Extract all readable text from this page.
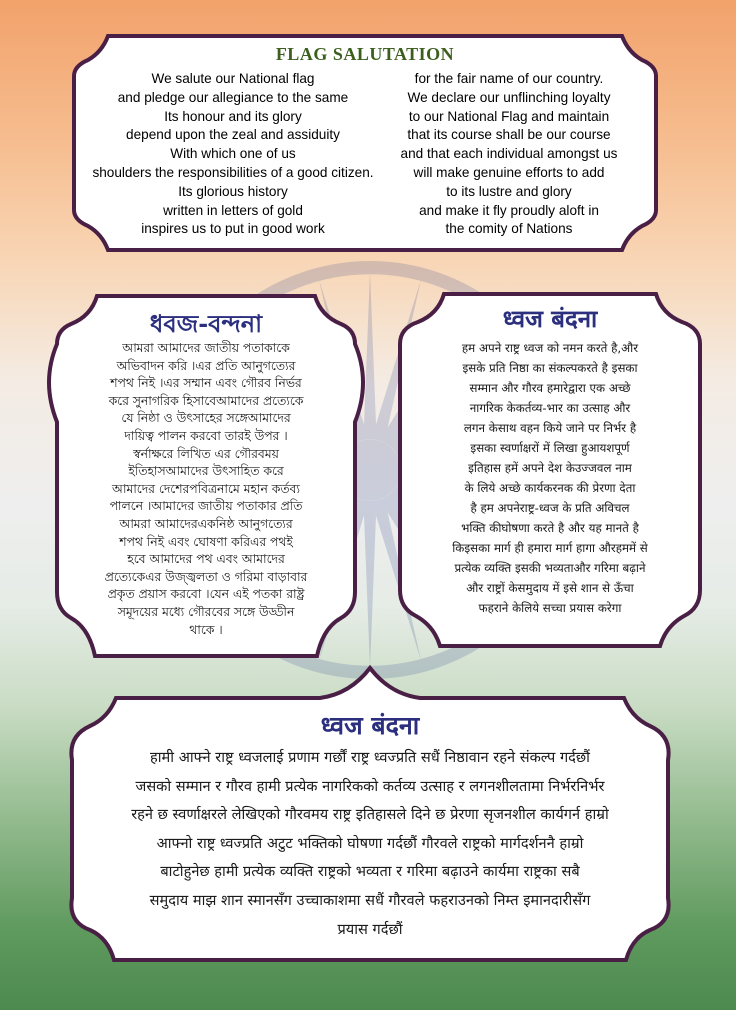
FLAG SALUTATION
We salute our National flag
and pledge our allegiance to the same
Its honour and its glory
depend upon the zeal and assiduity
With which one of us
shoulders the responsibilities of a good citizen.
Its glorious history
written in letters of gold
inspires us to put in good work
for the fair name of our country.
We declare our unflinching loyalty
to our National Flag and maintain
that its course shall be our course
and that each individual amongst us
will make genuine efforts to add
to its lustre and glory
and make it fly proudly aloft in
the comity of Nations
ধবজ-বন্দনা
আমরা আমাদের জাতীয় পতাকাকে
অভিবাদন করি ।এর প্রতি আনুগত্যের
শপথ নিই ।এর সম্মান এবং গৌরব নির্ভর
করে সুনাগরিক হিসাবেআমাদের প্রত্যেকে
যে নিষ্ঠা ও উৎসাহের সঙ্গেআমাদের
দায়িত্ব পালন করবো তারই উপর ।
স্বর্নাক্ষরে লিখিত এর গৌরবময়
ইতিহাসআমাদের উৎসাহিত করে
আমাদের দেশেরপবিত্রনামে মহান কর্তব্য
পালনে ।আমাদের জাতীয় পতাকার প্রতি
আমরা আমাদেরএকনিষ্ঠ আনুগত্যের
শপথ নিই এবং ঘোষণা করিএর পথই
হবে আমাদের পথ এবং আমাদের
প্রত্যেকেএর উজ্জ্বলতা ও গরিমা বাড়াবার
প্রকৃত প্রয়াস করবো ।যেন এই পতকা রাষ্ট্র
সমূদয়ের মধ্যে গৌরবের সঙ্গে উড্ডীন
থাকে ।
ध्वज बंदना
हम अपने राष्ट्र ध्वज को नमन करते है,और
इसके प्रति निष्ठा का संकल्पकरते है इसका
सम्मान और गौरव हमारेद्वारा एक अच्छे
नागरिक केकर्तव्य-भार का उत्साह और
लगन केसाथ वहन किये जाने पर निर्भर है
इसका स्वर्णाक्षरों में लिखा हुआयशपूर्ण
इतिहास हमें अपने देश केउज्जवल नाम
के लिये अच्छे कार्यकरनक की प्रेरणा देता
है हम अपनेराष्ट्र-ध्वज के प्रति अविचल
भक्ति कीघोषणा करते है और यह मानते है
किइसका मार्ग ही हमारा मार्ग हागा औरहममें से
प्रत्येक व्यक्ति इसकी भव्यताऔर गरिमा बढ़ाने
और राष्ट्रों केसमुदाय में इसे शान से ऊँचा
फहराने केलिये सच्चा प्रयास करेगा
ध्वज बंदना
हामी आफ्ने राष्ट्र ध्वजलाई प्रणाम गर्छौं राष्ट्र ध्वज्प्रति सधैं निष्ठावान रहने संकल्प गर्दछौं
जसको सम्मान र गौरव हामी प्रत्येक नागरिकको कर्तव्य उत्साह र लगनशीलतामा निर्भरनिर्भर
रहने छ स्वर्णाक्षरले लेखिएको गौरवमय राष्ट्र इतिहासले दिने छ प्रेरणा सृजनशील कार्यगर्न हाम्रो
आफ्नो राष्ट्र ध्वज्प्रति अटुट भक्तिको घोषणा गर्दछौं गौरवले राष्ट्रको मार्गदर्शननै हाम्रो
बाटोहुनेछ हामी प्रत्येक व्यक्ति राष्ट्रको भव्यता र गरिमा बढ़ाउने कार्यमा राष्ट्रका सबै
समुदाय माझ शान स्मानसँग उच्चाकाशमा सधैं गौरवले फहराउनको निम्त इमानदारीसँग
प्रयास गर्दछौं
